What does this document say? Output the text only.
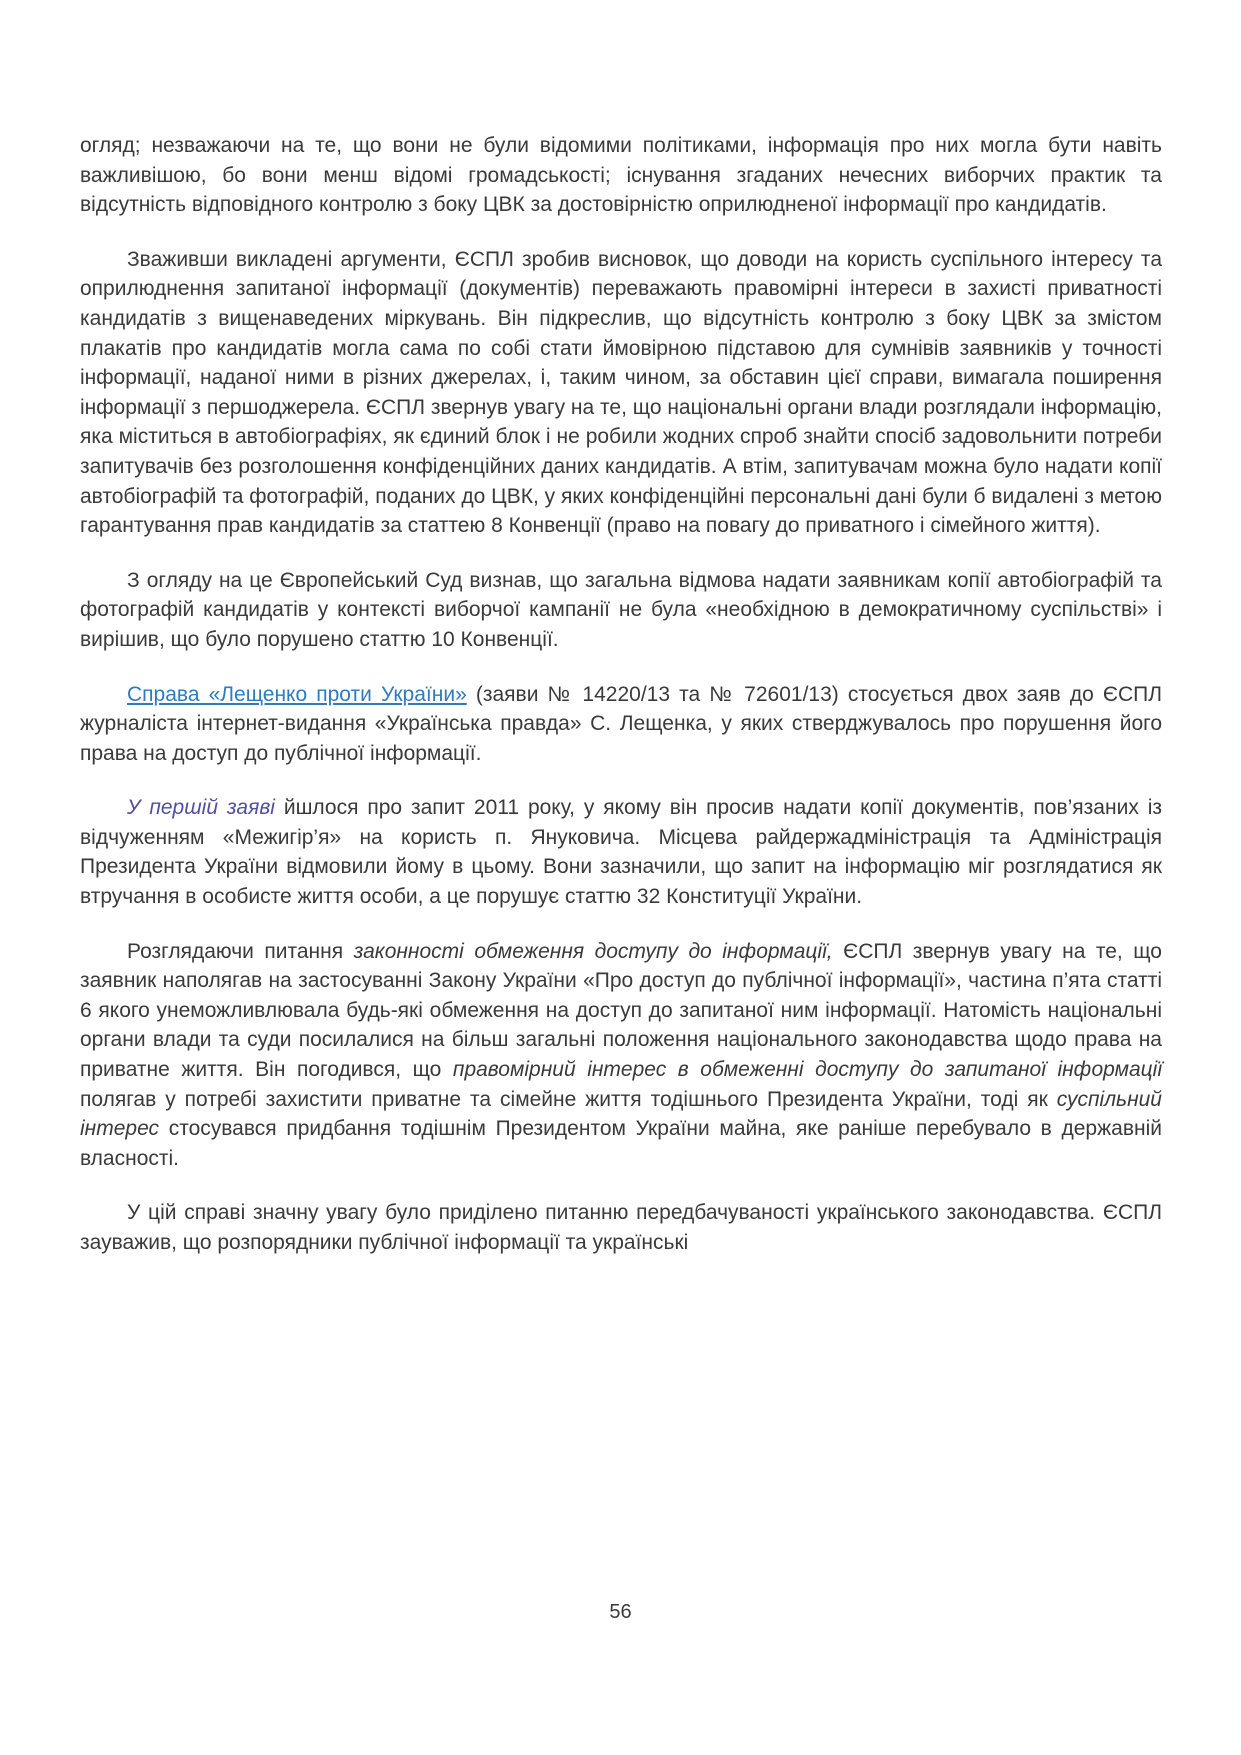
огляд; незважаючи на те, що вони не були відомими політиками, інформація про них могла бути навіть важливішою, бо вони менш відомі громадськості; існування згаданих нечесних виборчих практик та відсутність відповідного контролю з боку ЦВК за достовірністю оприлюдненої інформації про кандидатів.

Зваживши викладені аргументи, ЄСПЛ зробив висновок, що доводи на користь суспільного інтересу та оприлюднення запитаної інформації (документів) переважають правомірні інтереси в захисті приватності кандидатів з вищенаведених міркувань. Він підкреслив, що відсутність контролю з боку ЦВК за змістом плакатів про кандидатів могла сама по собі стати ймовірною підставою для сумнівів заявників у точності інформації, наданої ними в різних джерелах, і, таким чином, за обставин цієї справи, вимагала поширення інформації з першоджерела. ЄСПЛ звернув увагу на те, що національні органи влади розглядали інформацію, яка міститься в автобіографіях, як єдиний блок і не робили жодних спроб знайти спосіб задовольнити потреби запитувачів без розголошення конфіденційних даних кандидатів. А втім, запитувачам можна було надати копії автобіографій та фотографій, поданих до ЦВК, у яких конфіденційні персональні дані були б видалені з метою гарантування прав кандидатів за статтею 8 Конвенції (право на повагу до приватного і сімейного життя).

З огляду на це Європейський Суд визнав, що загальна відмова надати заявникам копії автобіографій та фотографій кандидатів у контексті виборчої кампанії не була «необхідною в демократичному суспільстві» і вирішив, що було порушено статтю 10 Конвенції.

Справа «Лещенко проти України» (заяви № 14220/13 та № 72601/13) стосується двох заяв до ЄСПЛ журналіста інтернет-видання «Українська правда» С. Лещенка, у яких стверджувалось про порушення його права на доступ до публічної інформації.

У першій заяві йшлося про запит 2011 року, у якому він просив надати копії документів, пов’язаних із відчуженням «Межигір’я» на користь п. Януковича. Місцева райдержадміністрація та Адміністрація Президента України відмовили йому в цьому. Вони зазначили, що запит на інформацію міг розглядатися як втручання в особисте життя особи, а це порушує статтю 32 Конституції України.

Розглядаючи питання законності обмеження доступу до інформації, ЄСПЛ звернув увагу на те, що заявник наполягав на застосуванні Закону України «Про доступ до публічної інформації», частина п’ята статті 6 якого унеможливлювала будь-які обмеження на доступ до запитаної ним інформації. Натомість національні органи влади та суди посилалися на більш загальні положення національного законодавства щодо права на приватне життя. Він погодився, що правомірний інтерес в обмеженні доступу до запитаної інформації полягав у потребі захистити приватне та сімейне життя тодішнього Президента України, тоді як суспільний інтерес стосувався придбання тодішнім Президентом України майна, яке раніше перебувало в державній власності.

У цій справі значну увагу було приділено питанню передбачуваності українського законодавства. ЄСПЛ зауважив, що розпорядники публічної інформації та українські

56
